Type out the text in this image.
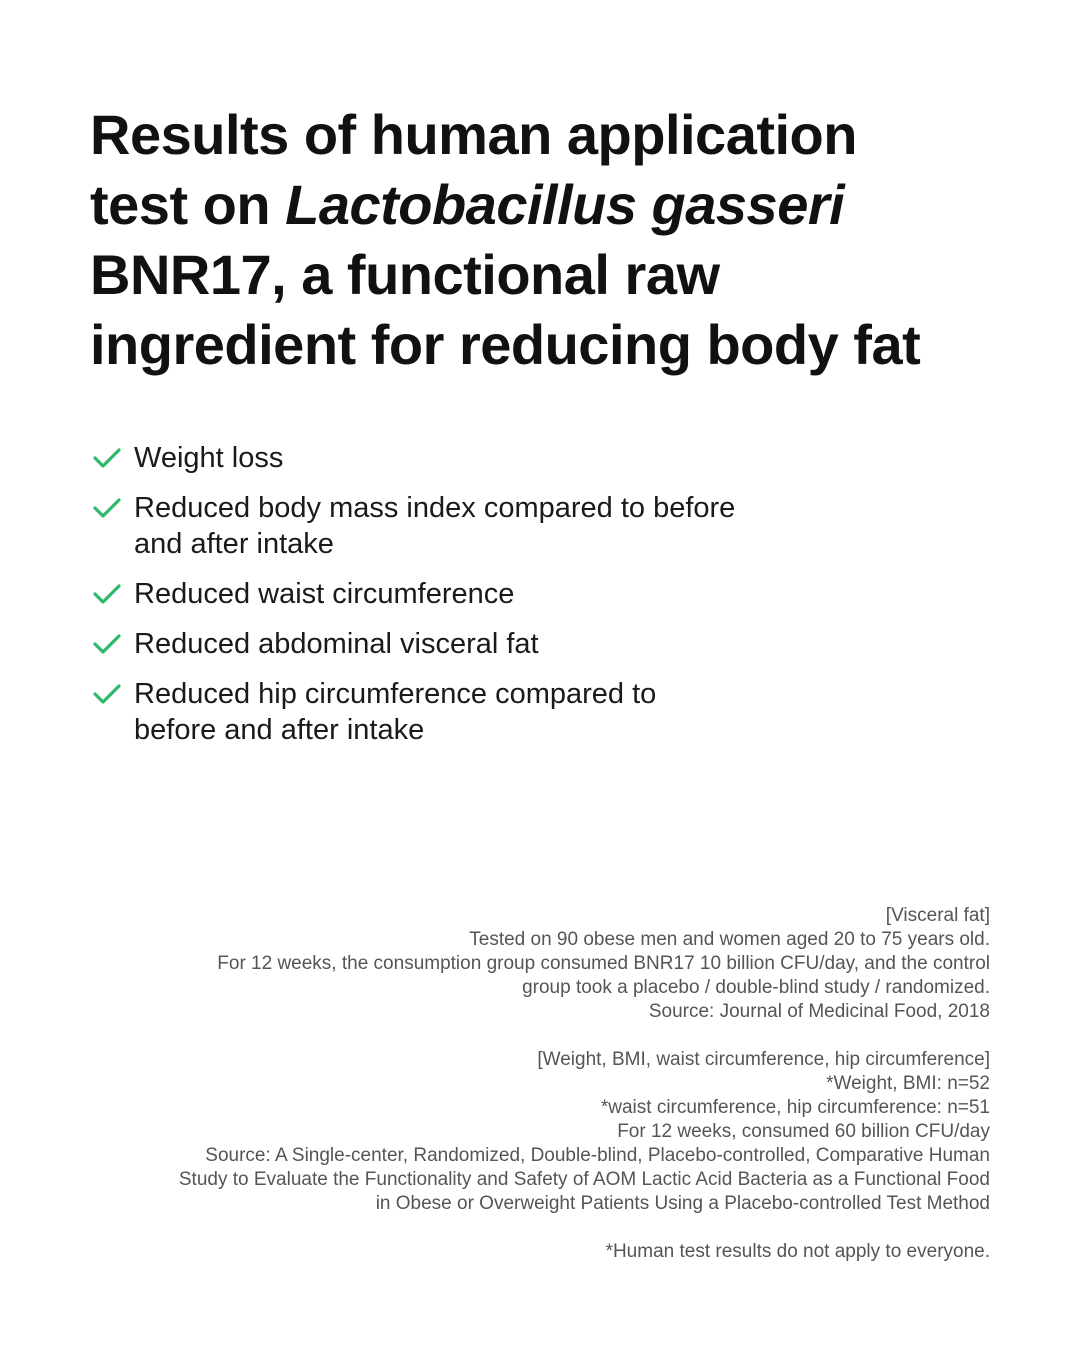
Results of human application
test on Lactobacillus gasseri
BNR17, a functional raw
ingredient for reducing body fat
Weight loss
Reduced body mass index compared to before
and after intake
Reduced waist circumference
Reduced abdominal visceral fat
Reduced hip circumference compared to
before and after intake
[Visceral fat]
Tested on 90 obese men and women aged 20 to 75 years old.
For 12 weeks, the consumption group consumed BNR17 10 billion CFU/day, and the control
group took a placebo / double-blind study / randomized.
Source: Journal of Medicinal Food, 2018
[Weight, BMI, waist circumference, hip circumference]
*Weight, BMI: n=52
*waist circumference, hip circumference: n=51
For 12 weeks, consumed 60 billion CFU/day
Source: A Single-center, Randomized, Double-blind, Placebo-controlled, Comparative Human
Study to Evaluate the Functionality and Safety of AOM Lactic Acid Bacteria as a Functional Food
in Obese or Overweight Patients Using a Placebo-controlled Test Method
*Human test results do not apply to everyone.
